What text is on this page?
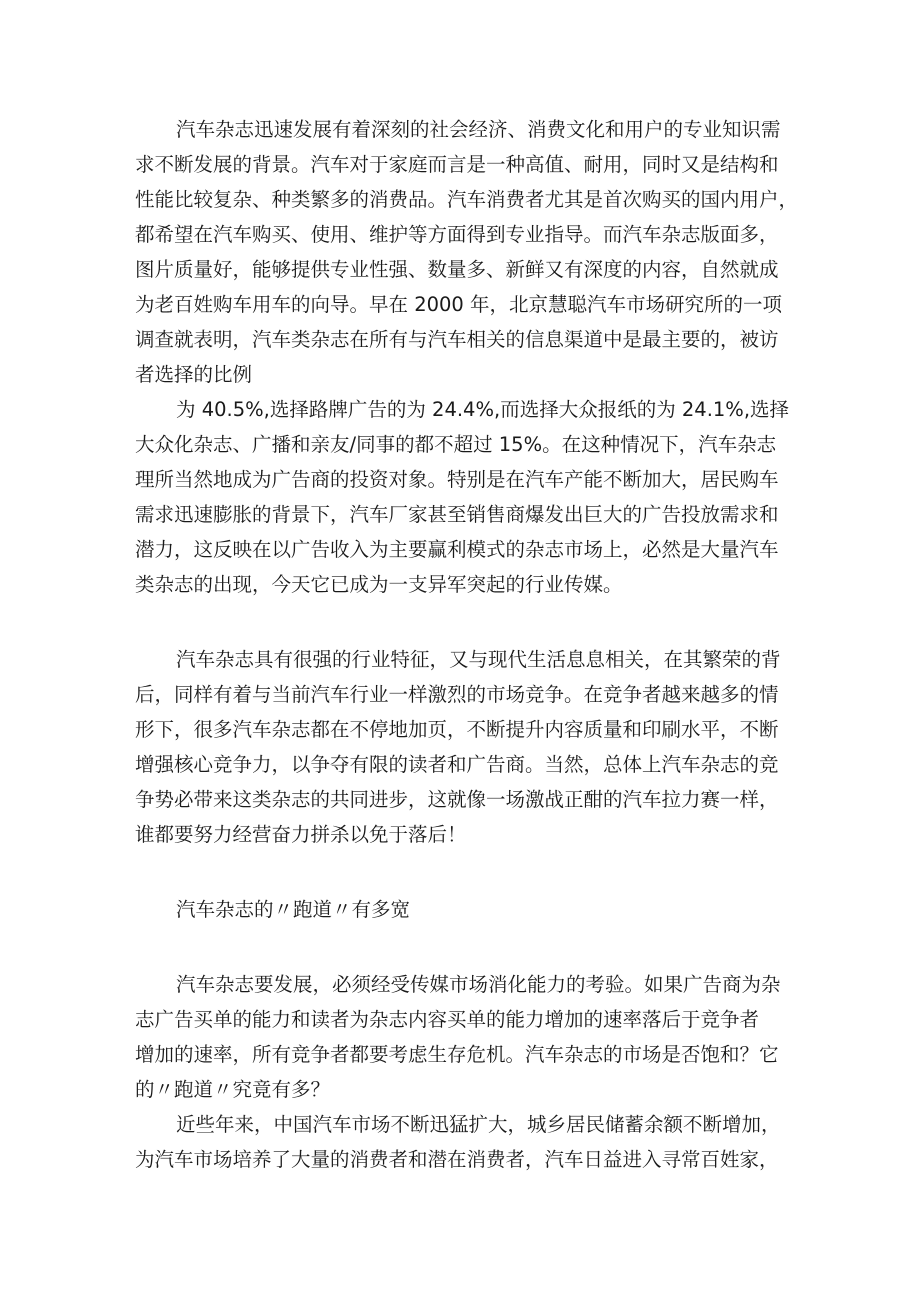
汽车杂志迅速发展有着深刻的社会经济、消费文化和用户的专业知识需

求不断发展的背景。汽车对于家庭而言是一种高值、耐用，同时又是结构和

性能比较复杂、种类繁多的消费品。汽车消费者尤其是首次购买的国内用户，

都希望在汽车购买、使用、维护等方面得到专业指导。而汽车杂志版面多，

图片质量好，能够提供专业性强、数量多、新鲜又有深度的内容，自然就成

为老百姓购车用车的向导。早在 2000 年，北京慧聪汽车市场研究所的一项

调查就表明，汽车类杂志在所有与汽车相关的信息渠道中是最主要的，被访

者选择的比例

为 40.5%,选择路牌广告的为 24.4%,而选择大众报纸的为 24.1%,选择

大众化杂志、广播和亲友/同事的都不超过 15%。在这种情况下，汽车杂志

理所当然地成为广告商的投资对象。特别是在汽车产能不断加大，居民购车

需求迅速膨胀的背景下，汽车厂家甚至销售商爆发出巨大的广告投放需求和

潜力，这反映在以广告收入为主要赢利模式的杂志市场上，必然是大量汽车

类杂志的出现，今天它已成为一支异军突起的行业传媒。

汽车杂志具有很强的行业特征，又与现代生活息息相关，在其繁荣的背

后，同样有着与当前汽车行业一样激烈的市场竞争。在竞争者越来越多的情

形下，很多汽车杂志都在不停地加页，不断提升内容质量和印刷水平，不断

增强核心竞争力，以争夺有限的读者和广告商。当然，总体上汽车杂志的竞

争势必带来这类杂志的共同进步，这就像一场激战正酣的汽车拉力赛一样，

谁都要努力经营奋力拼杀以免于落后！

汽车杂志的〃跑道〃有多宽

汽车杂志要发展，必须经受传媒市场消化能力的考验。如果广告商为杂

志广告买单的能力和读者为杂志内容买单的能力增加的速率落后于竞争者

增加的速率，所有竞争者都要考虑生存危机。汽车杂志的市场是否饱和？它

的〃跑道〃究竟有多？

近些年来，中国汽车市场不断迅猛扩大，城乡居民储蓄余额不断增加，

为汽车市场培养了大量的消费者和潜在消费者，汽车日益进入寻常百姓家，
